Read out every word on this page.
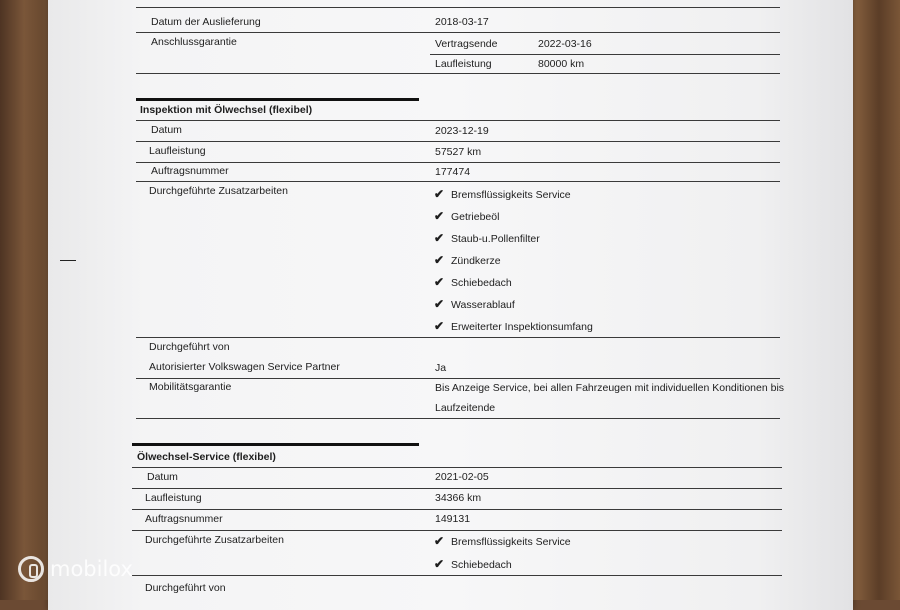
Datum der Auslieferung	2018-03-17
Anschlussgarantie	Vertragsende	2022-03-16
Laufleistung	80000 km
Inspektion mit Ölwechsel (flexibel)
Datum	2023-12-19
Laufleistung	57527 km
Auftragsnummer	177474
Durchgeführte Zusatzarbeiten	✔ Bremsflüssigkeits Service
✔ Getriebeöl
✔ Staub-u.Pollenfilter
✔ Zündkerze
✔ Schiebedach
✔ Wasserablauf
✔ Erweiterter Inspektionsumfang
Durchgeführt von
Autorisierter Volkswagen Service Partner	Ja
Mobilitätsgarantie	Bis Anzeige Service, bei allen Fahrzeugen mit individuellen Konditionen bis
Laufzeitende
Ölwechsel-Service (flexibel)
Datum	2021-02-05
Laufleistung	34366 km
Auftragsnummer	149131
Durchgeführte Zusatzarbeiten	✔ Bremsflüssigkeits Service
✔ Schiebedach
Durchgeführt von
mobilox
